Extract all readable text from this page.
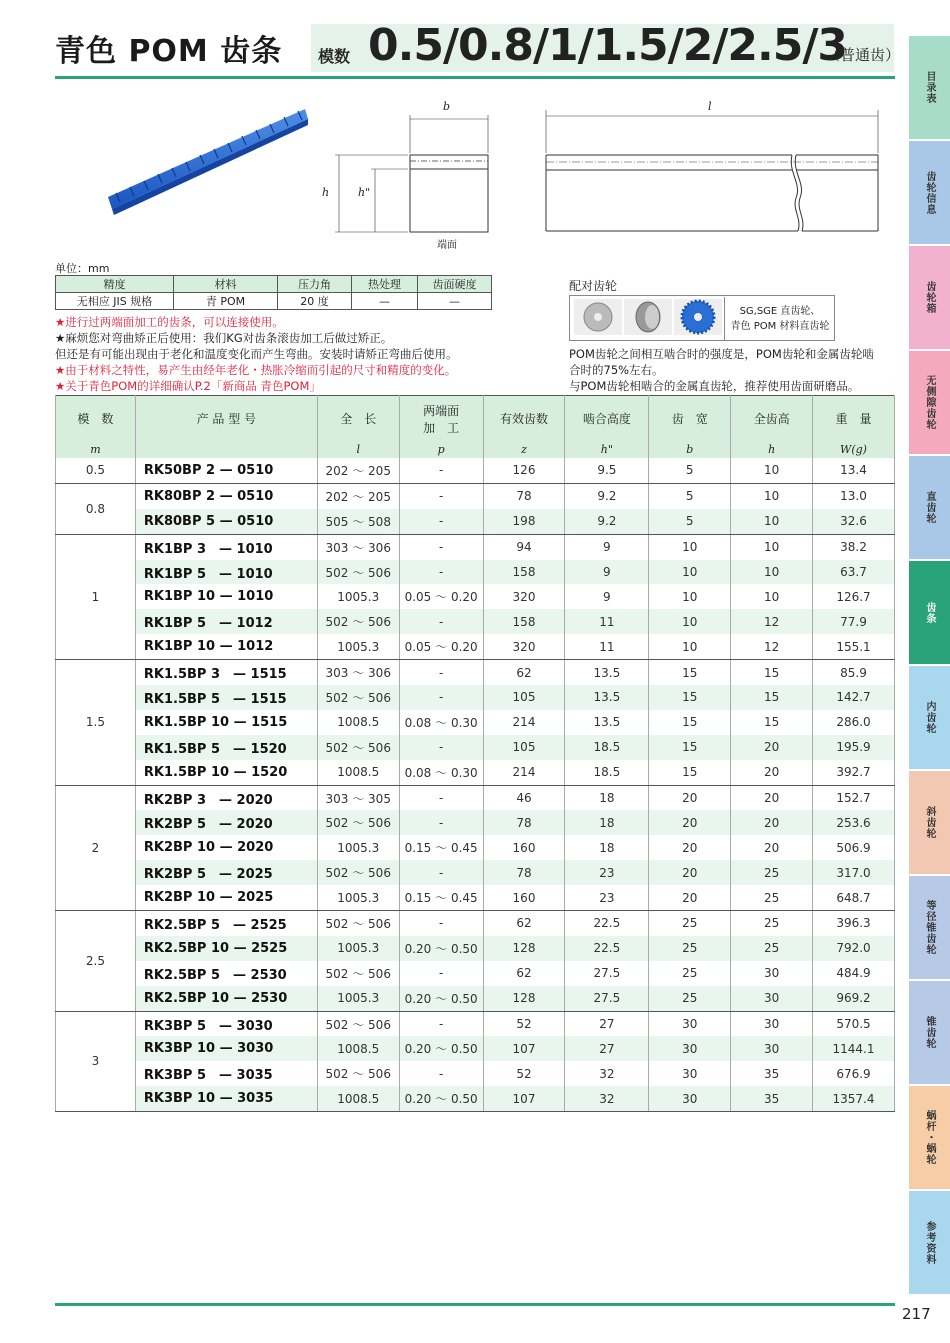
青色 POM 齿条 模数 0.5/0.8/1/1.5/2/2.5/3
（普通齿）
目录表
齿轮信息
齿轮箱
无侧隙齿轮
直齿轮
齿条
内齿轮
斜齿轮
等径锥齿轮
锥齿轮
蜗杆・蜗轮
参考资料
b
h	h"
端面
l
单位：mm
精度	材料	压力角	热处理	齿面硬度
无相应 JIS 规格	青 POM	20 度	—	—
★进行过两端面加工的齿条，可以连接使用。
★麻烦您对弯曲矫正后使用：我们KG对齿条滚齿加工后做过矫正。
但还是有可能出现由于老化和温度变化而产生弯曲。安装时请矫正弯曲后使用。
★由于材料之特性，易产生由经年老化・热胀冷缩而引起的尺寸和精度的变化。
★关于青色POM的详细确认P.2「新商品 青色POM」
配对齿轮
SG,SGE 直齿轮、
青色 POM 材料直齿轮
POM齿轮之间相互啮合时的强度是，POM齿轮和金属齿轮啮
合时的75%左右。
与POM齿轮相啮合的金属直齿轮，推荐使用齿面研磨品。
模　数	产 品 型 号	全　长	两端面
加　工	有效齿数	啮合高度	齿　宽	全齿高	重　量

m		l	p	z	h"	b	h	W(g)
0.5	RK50BP 2 — 0510	202 ～ 205	-	126	9.5	5	10	13.4
0.8	RK80BP 2 — 0510	202 ～ 205	-	78	9.2	5	10	13.0
	RK80BP 5 — 0510	505 ～ 508	-	198	9.2	5	10	32.6
1	RK1BP 3　— 1010	303 ～ 306	-	94	9	10	10	38.2
	RK1BP 5　— 1010	502 ～ 506	-	158	9	10	10	63.7
	RK1BP 10 — 1010	1005.3	0.05 ～ 0.20	320	9	10	10	126.7
	RK1BP 5　— 1012	502 ～ 506	-	158	11	10	12	77.9
	RK1BP 10 — 1012	1005.3	0.05 ～ 0.20	320	11	10	12	155.1
1.5	RK1.5BP 3　— 1515	303 ～ 306	-	62	13.5	15	15	85.9
	RK1.5BP 5　— 1515	502 ～ 506	-	105	13.5	15	15	142.7
	RK1.5BP 10 — 1515	1008.5	0.08 ～ 0.30	214	13.5	15	15	286.0
	RK1.5BP 5　— 1520	502 ～ 506	-	105	18.5	15	20	195.9
	RK1.5BP 10 — 1520	1008.5	0.08 ～ 0.30	214	18.5	15	20	392.7
2	RK2BP 3　— 2020	303 ～ 305	-	46	18	20	20	152.7
	RK2BP 5　— 2020	502 ～ 506	-	78	18	20	20	253.6
	RK2BP 10 — 2020	1005.3	0.15 ～ 0.45	160	18	20	20	506.9
	RK2BP 5　— 2025	502 ～ 506	-	78	23	20	25	317.0
	RK2BP 10 — 2025	1005.3	0.15 ～ 0.45	160	23	20	25	648.7
2.5	RK2.5BP 5　— 2525	502 ～ 506	-	62	22.5	25	25	396.3
	RK2.5BP 10 — 2525	1005.3	0.20 ～ 0.50	128	22.5	25	25	792.0
	RK2.5BP 5　— 2530	502 ～ 506	-	62	27.5	25	30	484.9
	RK2.5BP 10 — 2530	1005.3	0.20 ～ 0.50	128	27.5	25	30	969.2
3	RK3BP 5　— 3030	502 ～ 506	-	52	27	30	30	570.5
	RK3BP 10 — 3030	1008.5	0.20 ～ 0.50	107	27	30	30	1144.1
	RK3BP 5　— 3035	502 ～ 506	-	52	32	30	35	676.9
	RK3BP 10 — 3035	1008.5	0.20 ～ 0.50	107	32	30	35	1357.4
217
